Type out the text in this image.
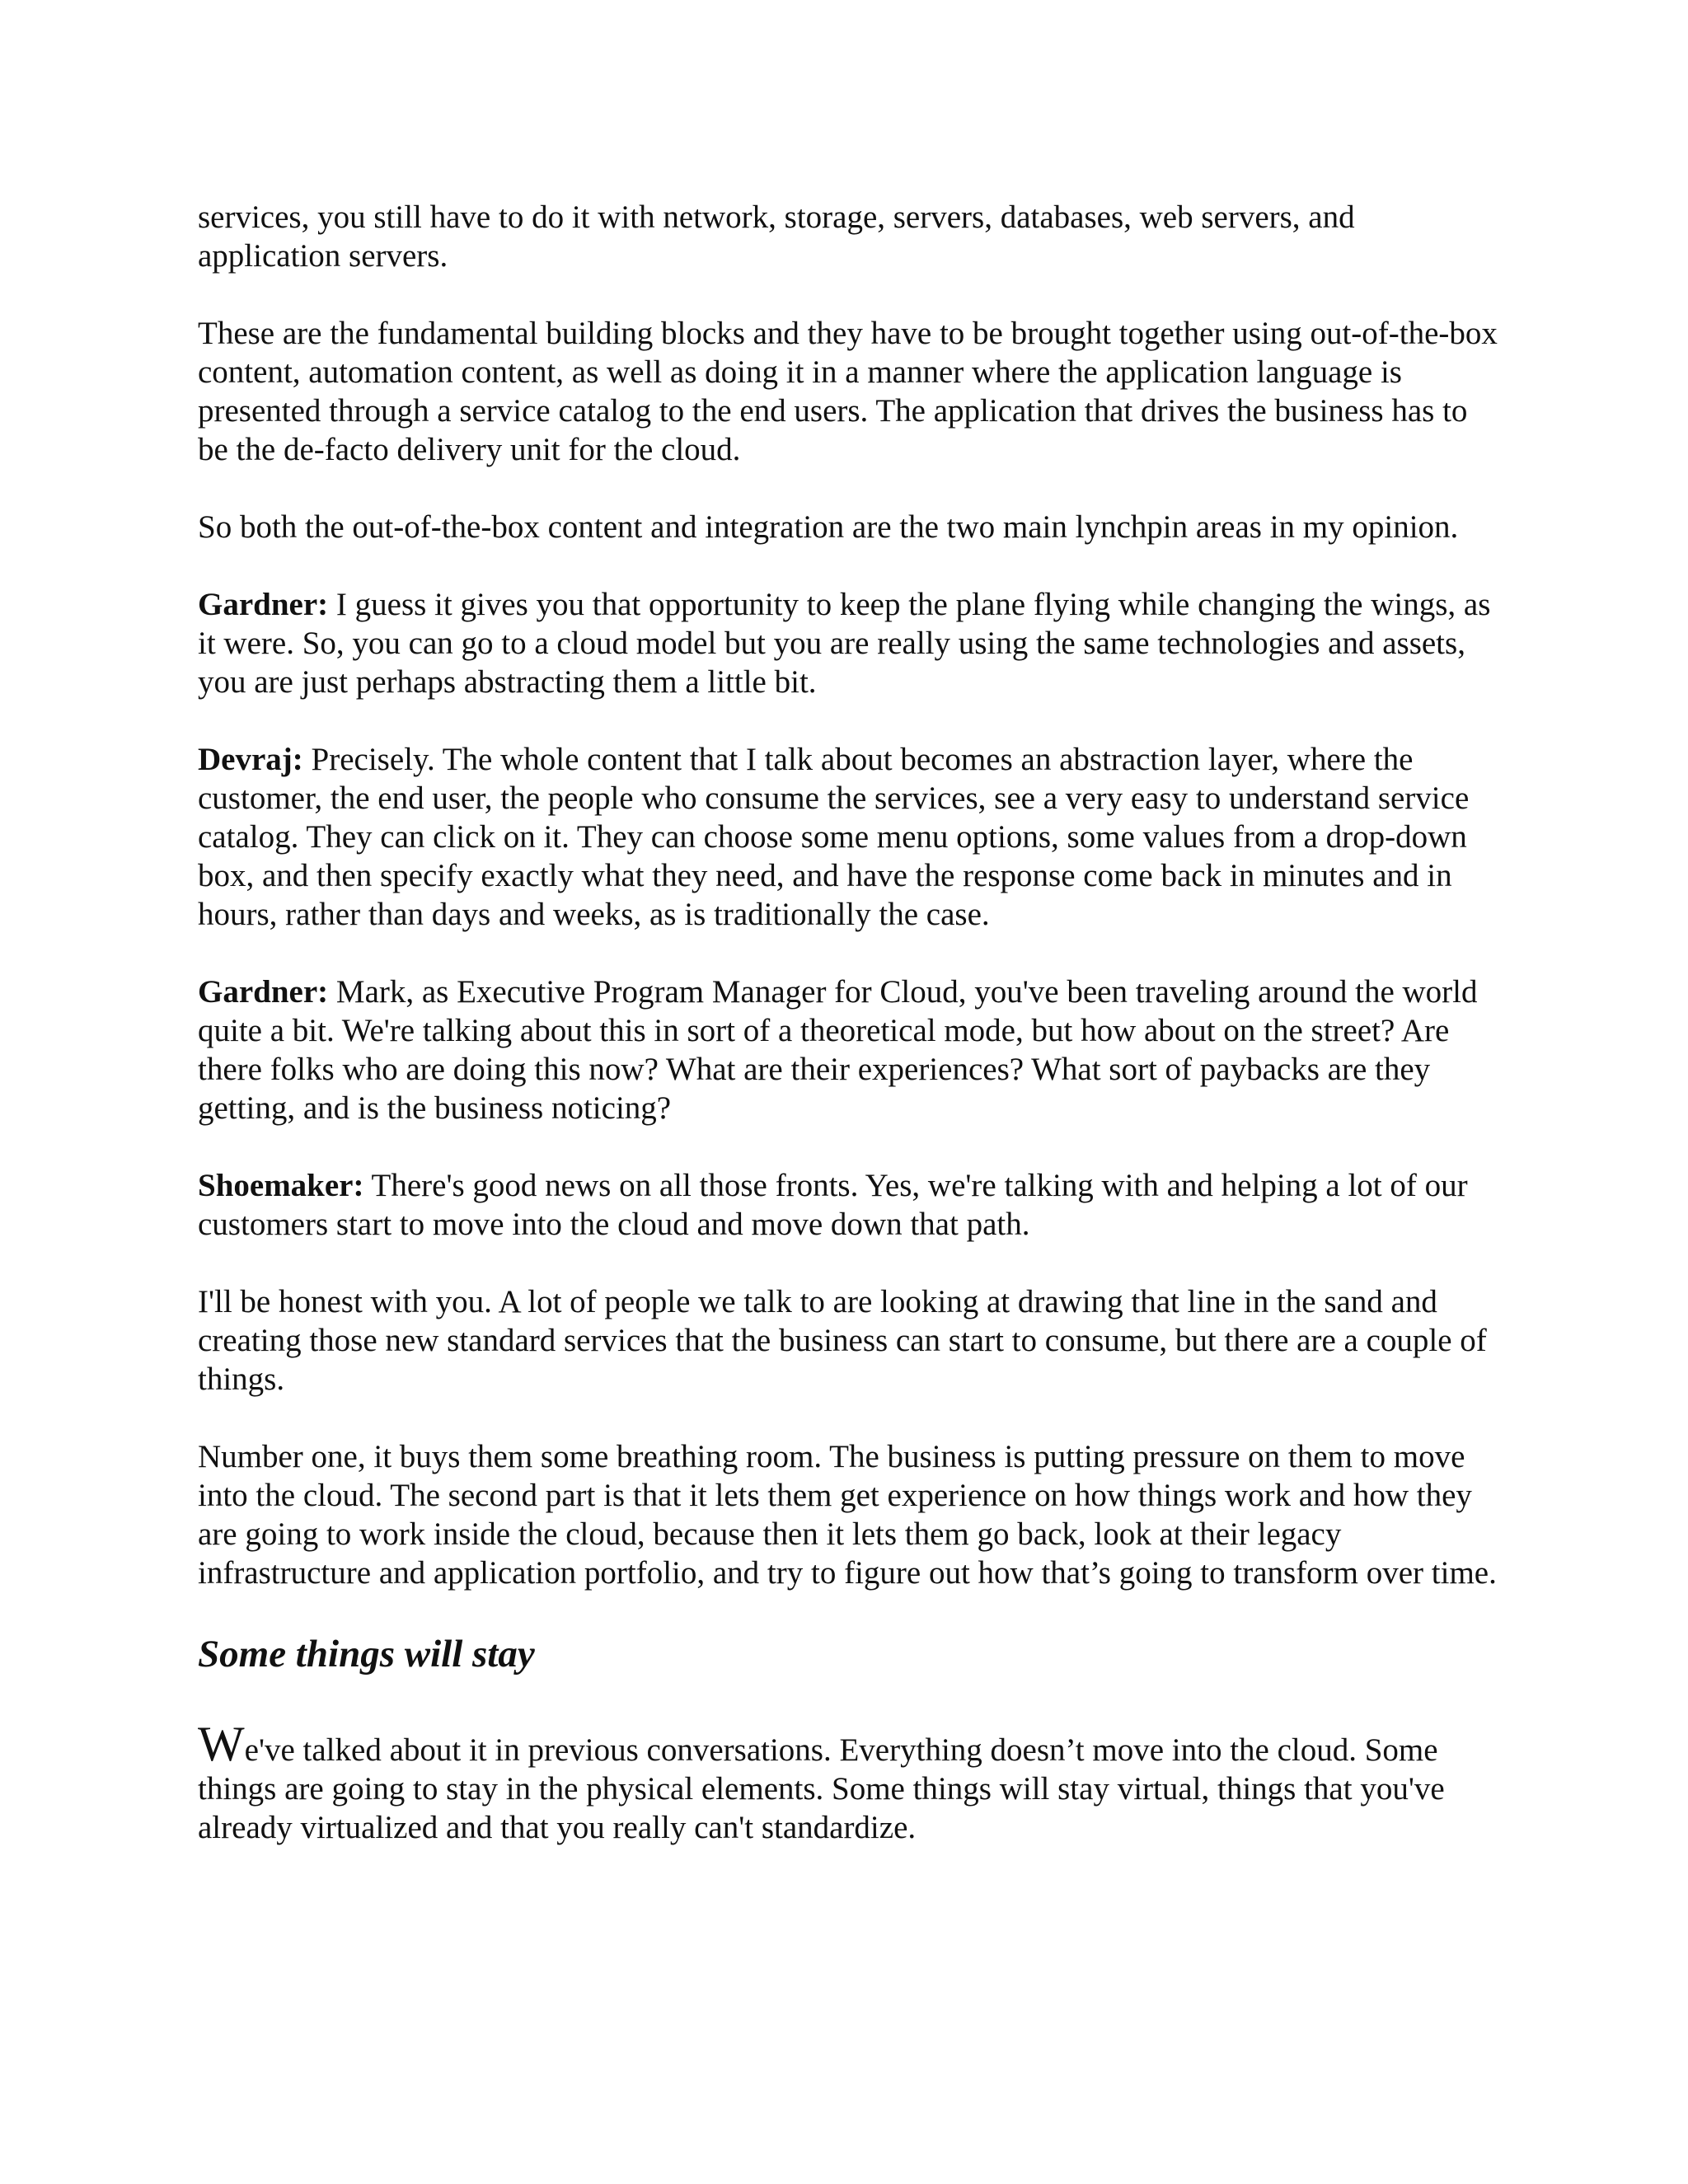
services, you still have to do it with network, storage, servers, databases, web servers, and application servers.

These are the fundamental building blocks and they have to be brought together using out-of-the-box content, automation content, as well as doing it in a manner where the application language is presented through a service catalog to the end users. The application that drives the business has to be the de-facto delivery unit for the cloud.

So both the out-of-the-box content and integration are the two main lynchpin areas in my opinion.

Gardner: I guess it gives you that opportunity to keep the plane flying while changing the wings, as it were. So, you can go to a cloud model but you are really using the same technologies and assets, you are just perhaps abstracting them a little bit.

Devraj: Precisely. The whole content that I talk about becomes an abstraction layer, where the customer, the end user, the people who consume the services, see a very easy to understand service catalog. They can click on it. They can choose some menu options, some values from a drop-down box, and then specify exactly what they need, and have the response come back in minutes and in hours, rather than days and weeks, as is traditionally the case.

Gardner: Mark, as Executive Program Manager for Cloud, you've been traveling around the world quite a bit. We're talking about this in sort of a theoretical mode, but how about on the street? Are there folks who are doing this now? What are their experiences? What sort of paybacks are they getting, and is the business noticing?

Shoemaker: There's good news on all those fronts. Yes, we're talking with and helping a lot of our customers start to move into the cloud and move down that path.

I'll be honest with you. A lot of people we talk to are looking at drawing that line in the sand and creating those new standard services that the business can start to consume, but there are a couple of things.

Number one, it buys them some breathing room. The business is putting pressure on them to move into the cloud. The second part is that it lets them get experience on how things work and how they are going to work inside the cloud, because then it lets them go back, look at their legacy infrastructure and application portfolio, and try to figure out how that’s going to transform over time.

Some things will stay

We've talked about it in previous conversations. Everything doesn’t move into the cloud. Some things are going to stay in the physical elements. Some things will stay virtual, things that you've already virtualized and that you really can't standardize.
